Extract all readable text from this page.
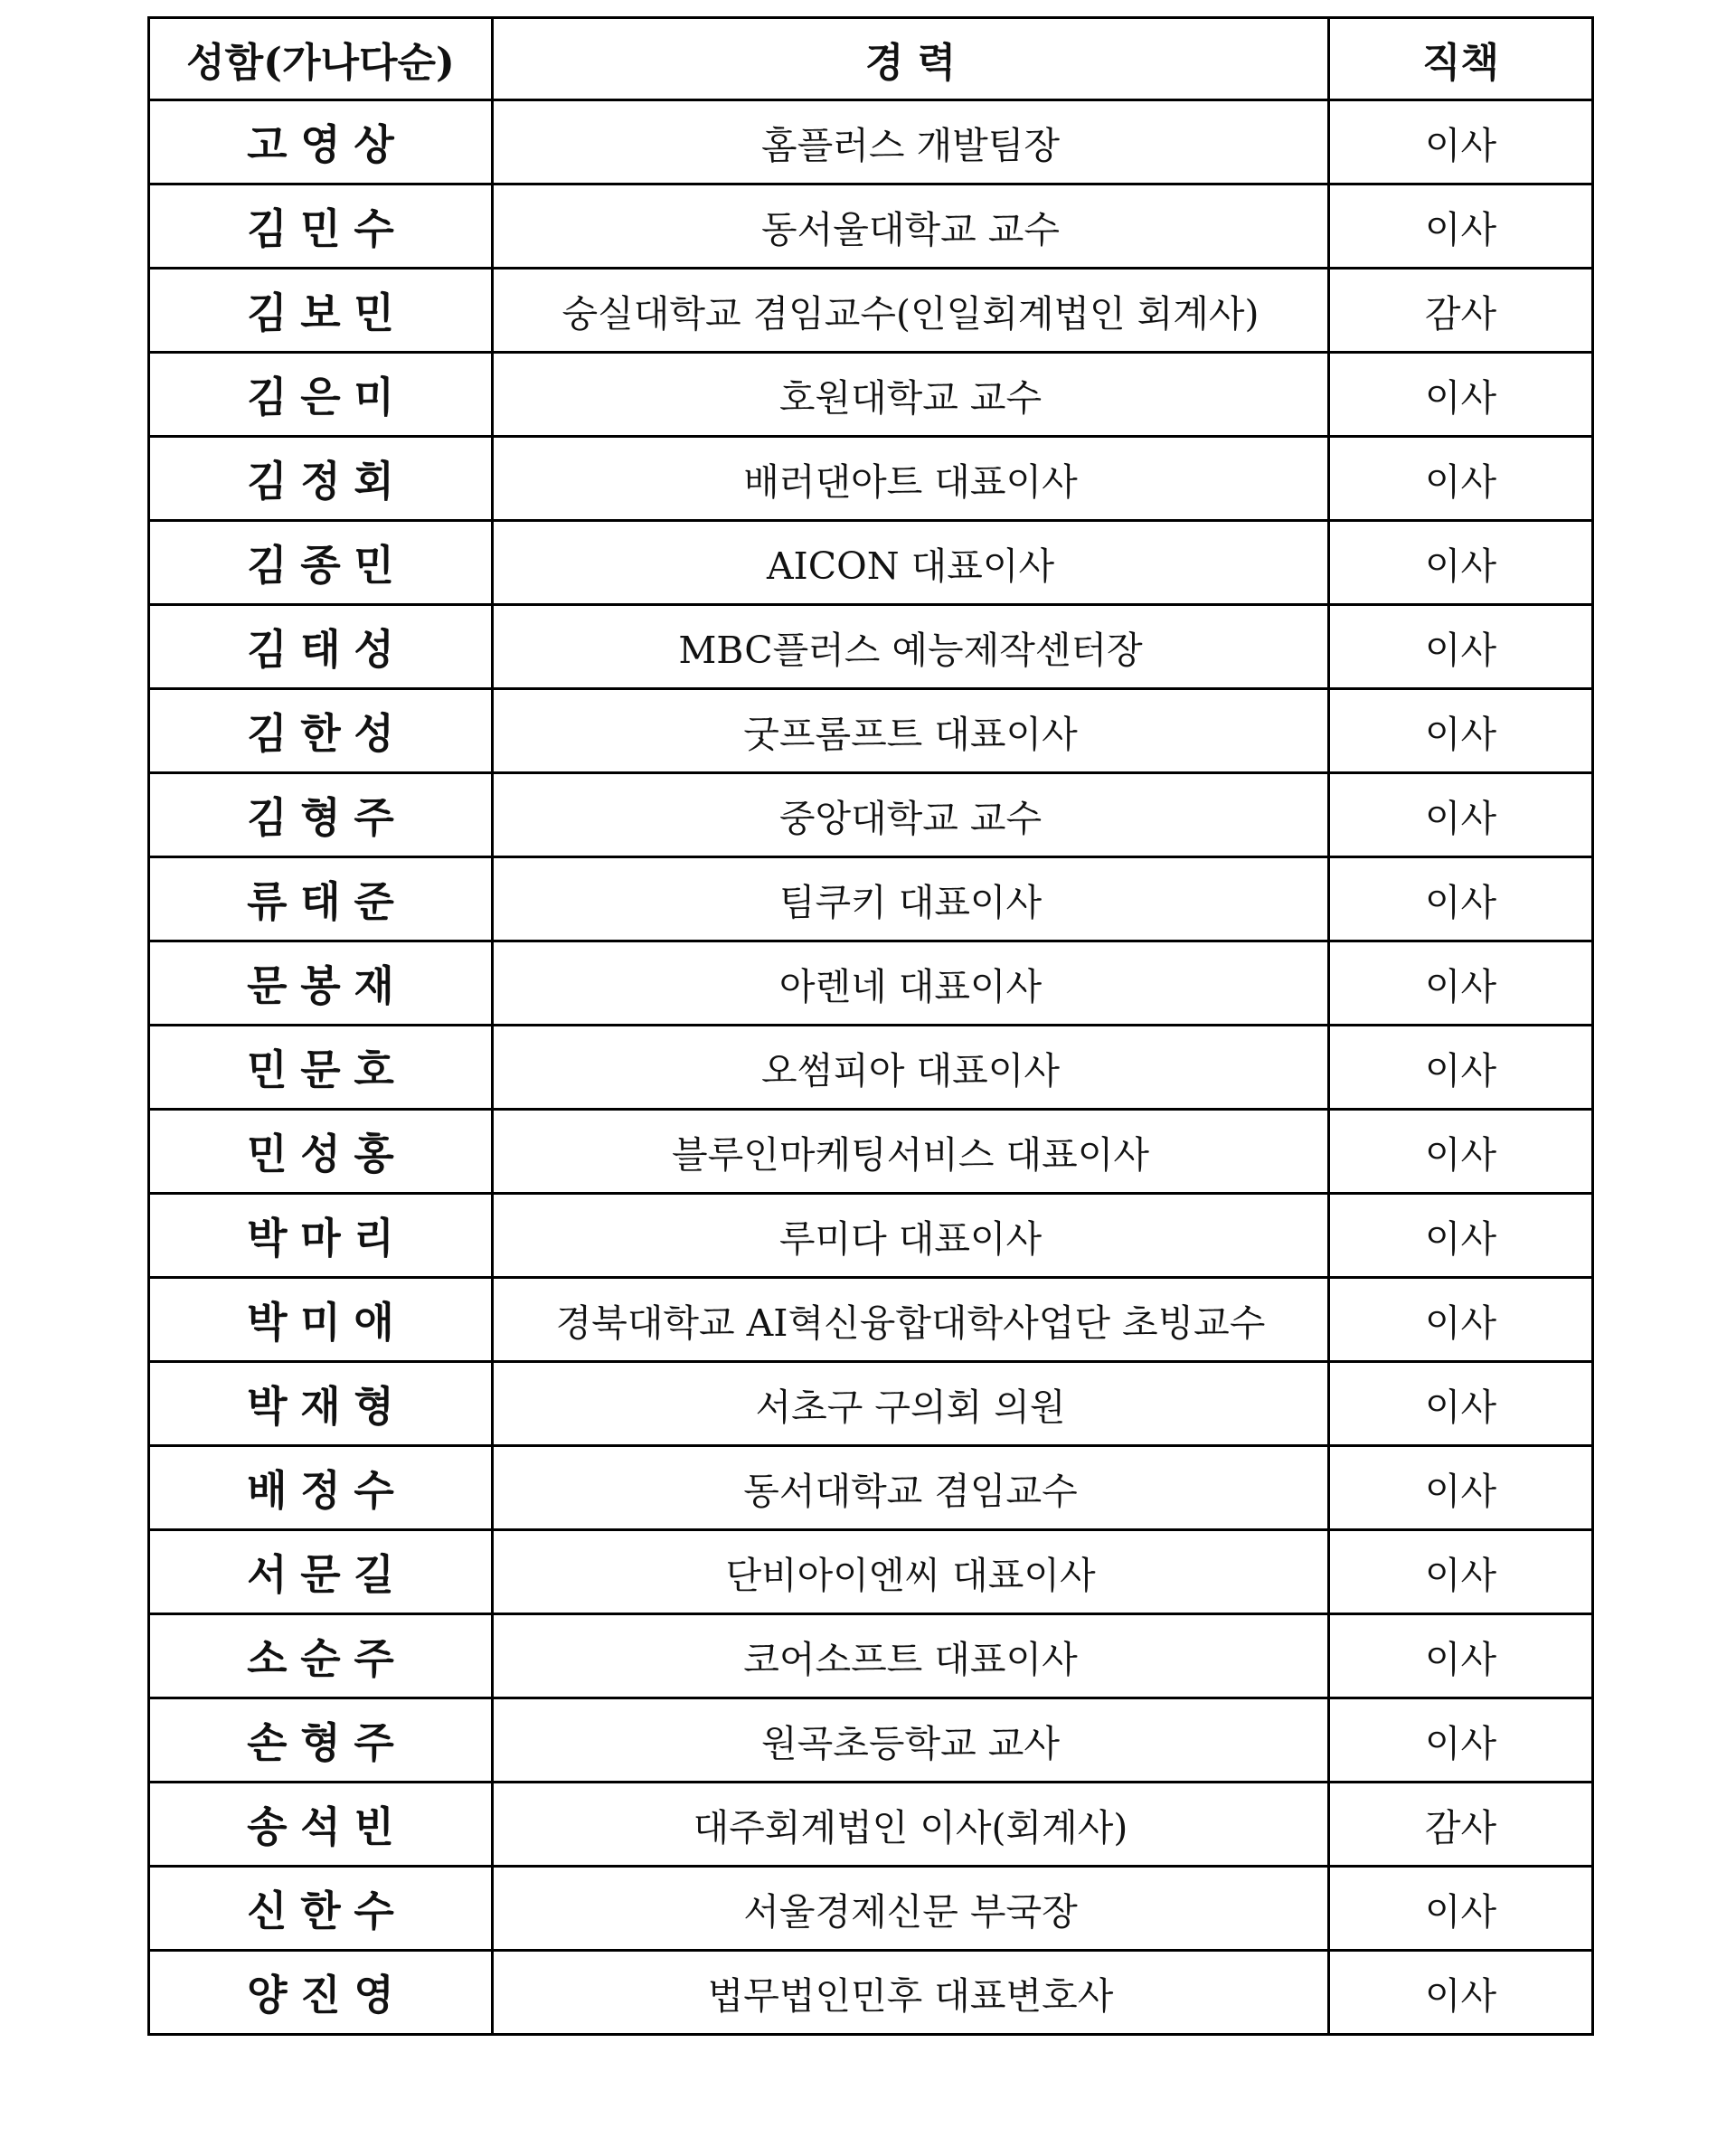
성함(가나다순)	경 력	직책
고영상	홈플러스 개발팀장	이사
김민수	동서울대학교 교수	이사
김보민	숭실대학교 겸임교수(인일회계법인 회계사)	감사
김은미	호원대학교 교수	이사
김정회	배러댄아트 대표이사	이사
김종민	AICON 대표이사	이사
김태성	MBC플러스 예능제작센터장	이사
김한성	굿프롬프트 대표이사	이사
김형주	중앙대학교 교수	이사
류태준	팀쿠키 대표이사	이사
문봉재	아렌네 대표이사	이사
민문호	오썸피아 대표이사	이사
민성홍	블루인마케팅서비스 대표이사	이사
박마리	루미다 대표이사	이사
박미애	경북대학교 AI혁신융합대학사업단 초빙교수	이사
박재형	서초구 구의회 의원	이사
배정수	동서대학교 겸임교수	이사
서문길	단비아이엔씨 대표이사	이사
소순주	코어소프트 대표이사	이사
손형주	원곡초등학교 교사	이사
송석빈	대주회계법인 이사(회계사)	감사
신한수	서울경제신문 부국장	이사
양진영	법무법인민후 대표변호사	이사
